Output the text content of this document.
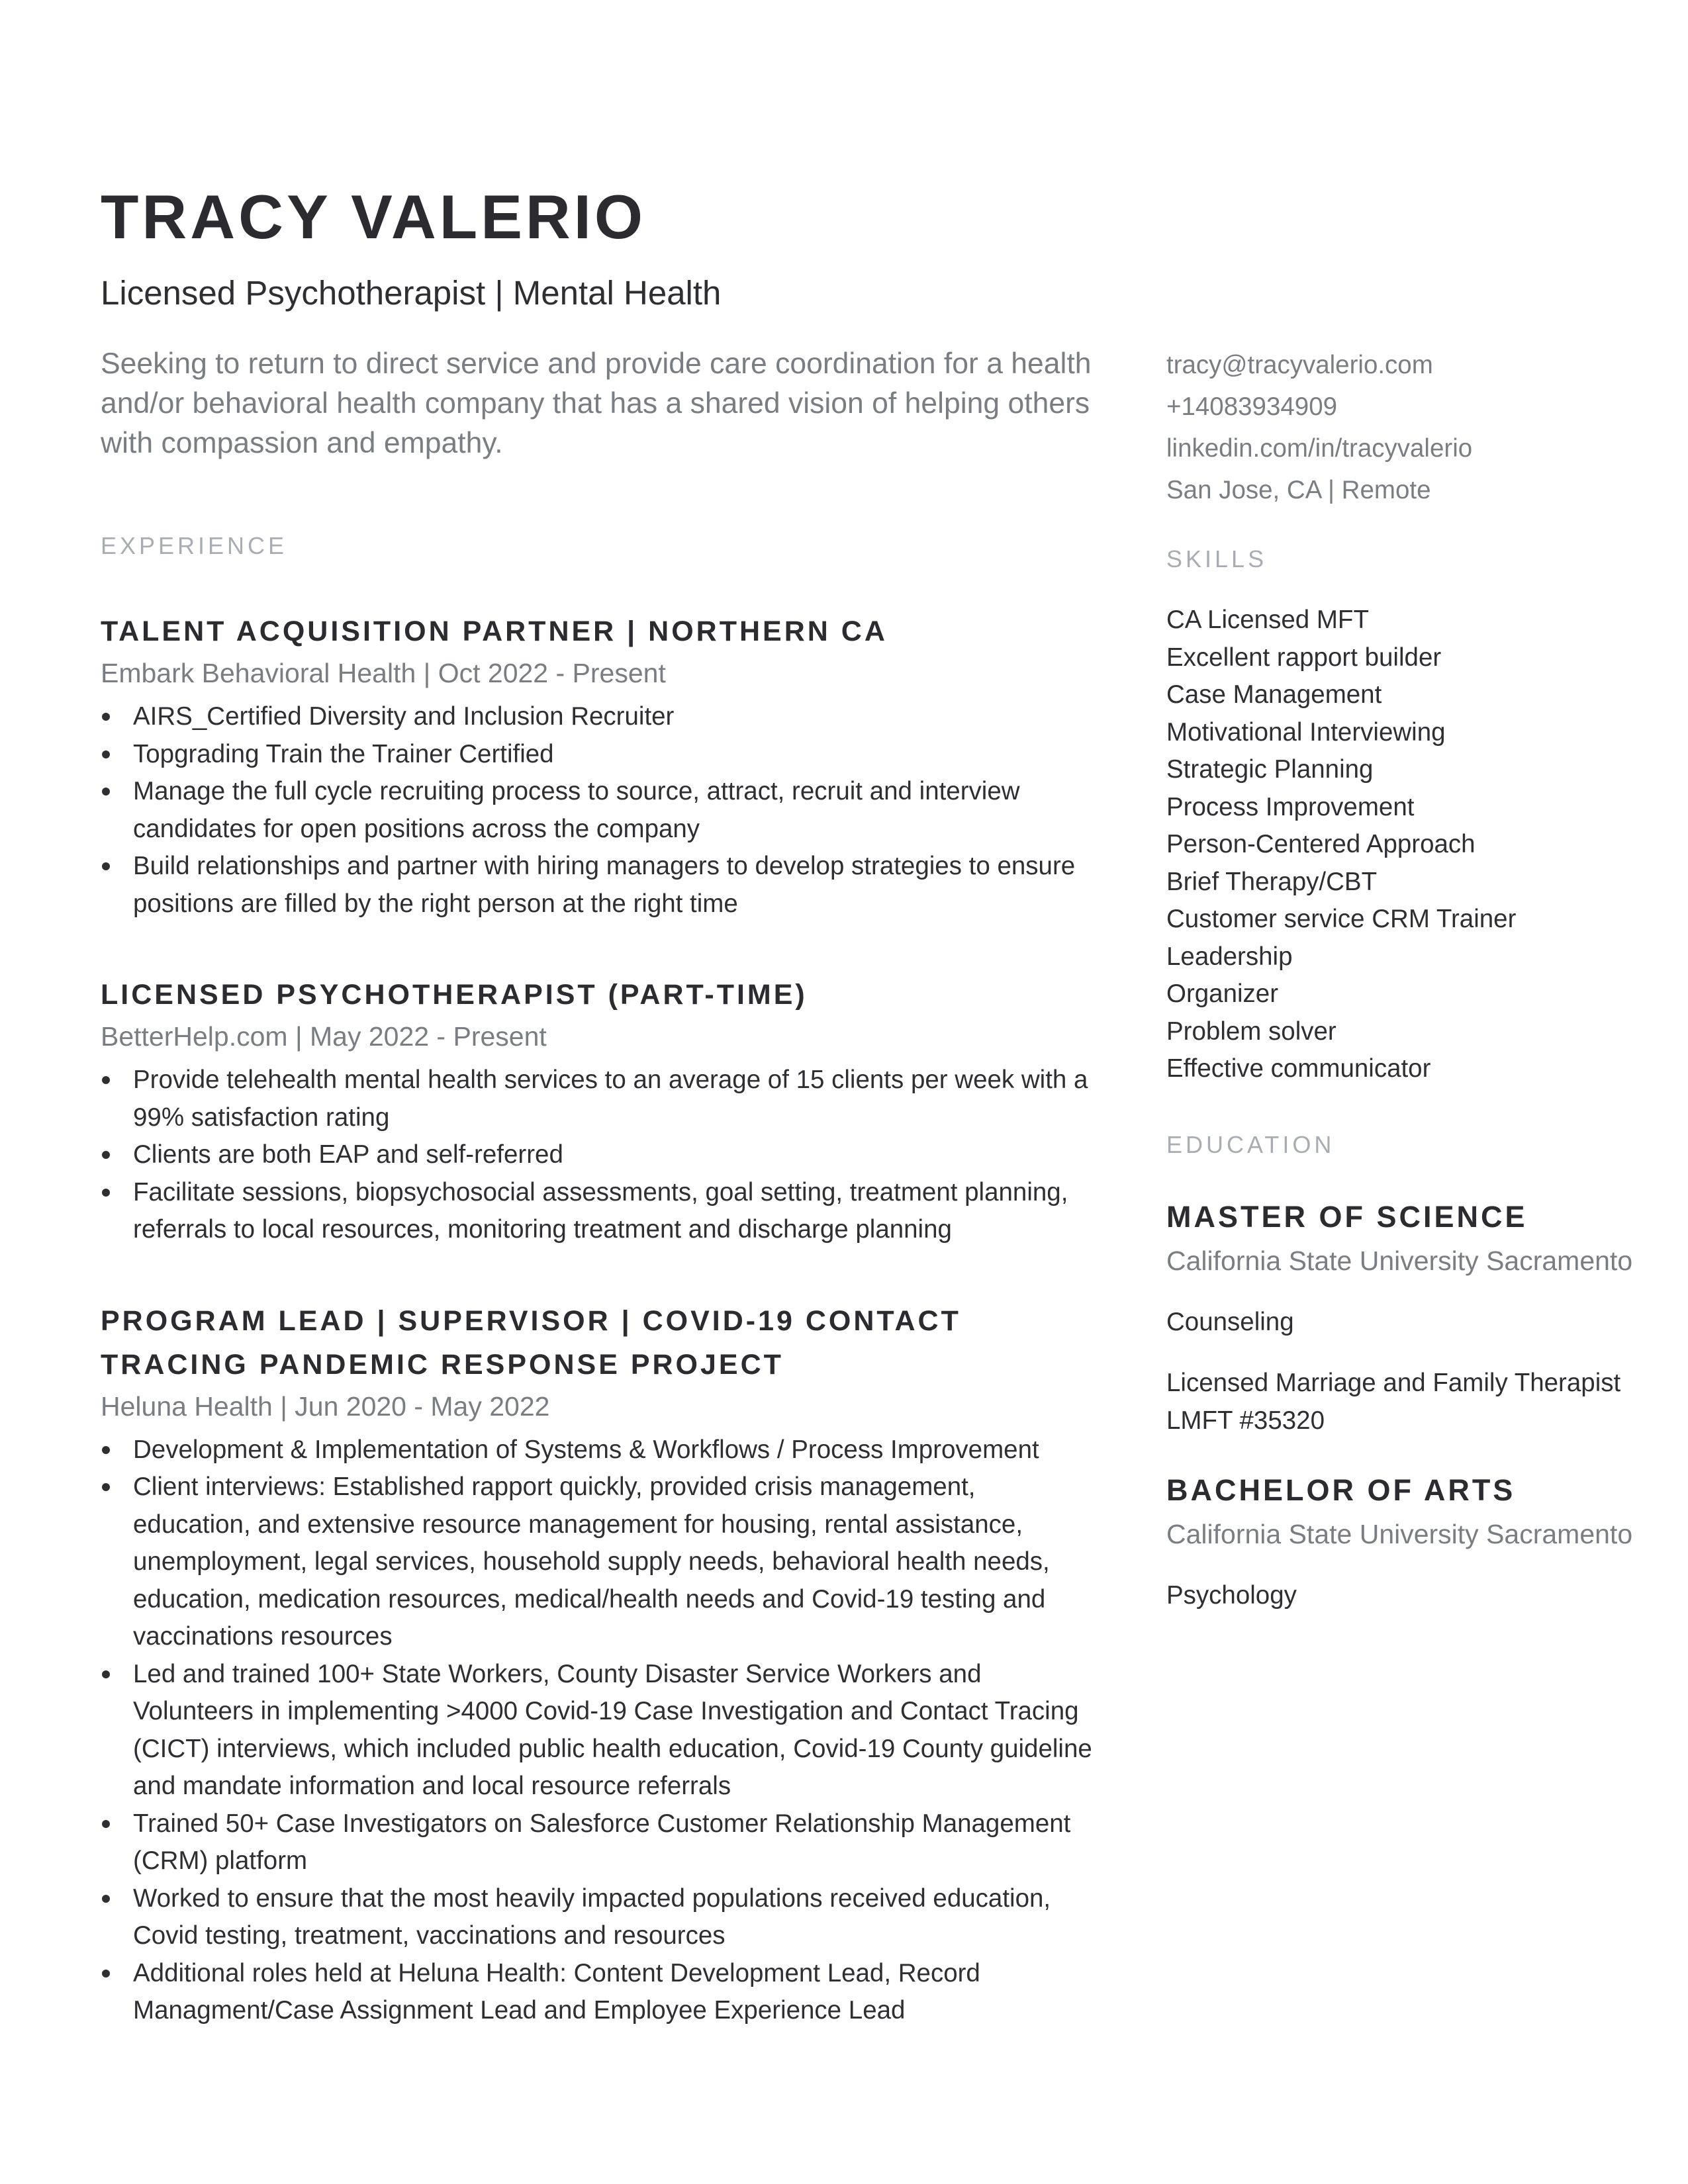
TRACY VALERIO
Licensed Psychotherapist | Mental Health
Seeking to return to direct service and provide care coordination for a health and/or behavioral health company that has a shared vision of helping others with compassion and empathy.
EXPERIENCE
TALENT ACQUISITION PARTNER | NORTHERN CA
Embark Behavioral Health | Oct 2022 - Present
AIRS_Certified Diversity and Inclusion Recruiter
Topgrading Train the Trainer Certified
Manage the full cycle recruiting process to source, attract, recruit and interview candidates for open positions across the company
Build relationships and partner with hiring managers to develop strategies to ensure positions are filled by the right person at the right time
LICENSED PSYCHOTHERAPIST (PART-TIME)
BetterHelp.com | May 2022 - Present
Provide telehealth mental health services to an average of 15 clients per week with a 99% satisfaction rating
Clients are both EAP and self-referred
Facilitate sessions, biopsychosocial assessments, goal setting, treatment planning, referrals to local resources, monitoring treatment and discharge planning
PROGRAM LEAD | SUPERVISOR | COVID-19 CONTACT TRACING PANDEMIC RESPONSE PROJECT
Heluna Health | Jun 2020 - May 2022
Development & Implementation of Systems & Workflows / Process Improvement
Client interviews: Established rapport quickly, provided crisis management, education, and extensive resource management for housing, rental assistance, unemployment, legal services, household supply needs, behavioral health needs, education, medication resources, medical/health needs and Covid-19 testing and vaccinations resources
Led and trained 100+ State Workers, County Disaster Service Workers and Volunteers in implementing >4000 Covid-19 Case Investigation and Contact Tracing (CICT) interviews, which included public health education, Covid-19 County guideline and mandate information and local resource referrals
Trained 50+ Case Investigators on Salesforce Customer Relationship Management (CRM) platform
Worked to ensure that the most heavily impacted populations received education, Covid testing, treatment, vaccinations and resources
Additional roles held at Heluna Health: Content Development Lead, Record Managment/Case Assignment Lead and Employee Experience Lead
tracy@tracyvalerio.com
+14083934909
linkedin.com/in/tracyvalerio
San Jose, CA | Remote
SKILLS
CA Licensed MFT
Excellent rapport builder
Case Management
Motivational Interviewing
Strategic Planning
Process Improvement
Person-Centered Approach
Brief Therapy/CBT
Customer service CRM Trainer
Leadership
Organizer
Problem solver
Effective communicator
EDUCATION
MASTER OF SCIENCE
California State University Sacramento
Counseling
Licensed Marriage and Family Therapist LMFT #35320
BACHELOR OF ARTS
California State University Sacramento
Psychology
